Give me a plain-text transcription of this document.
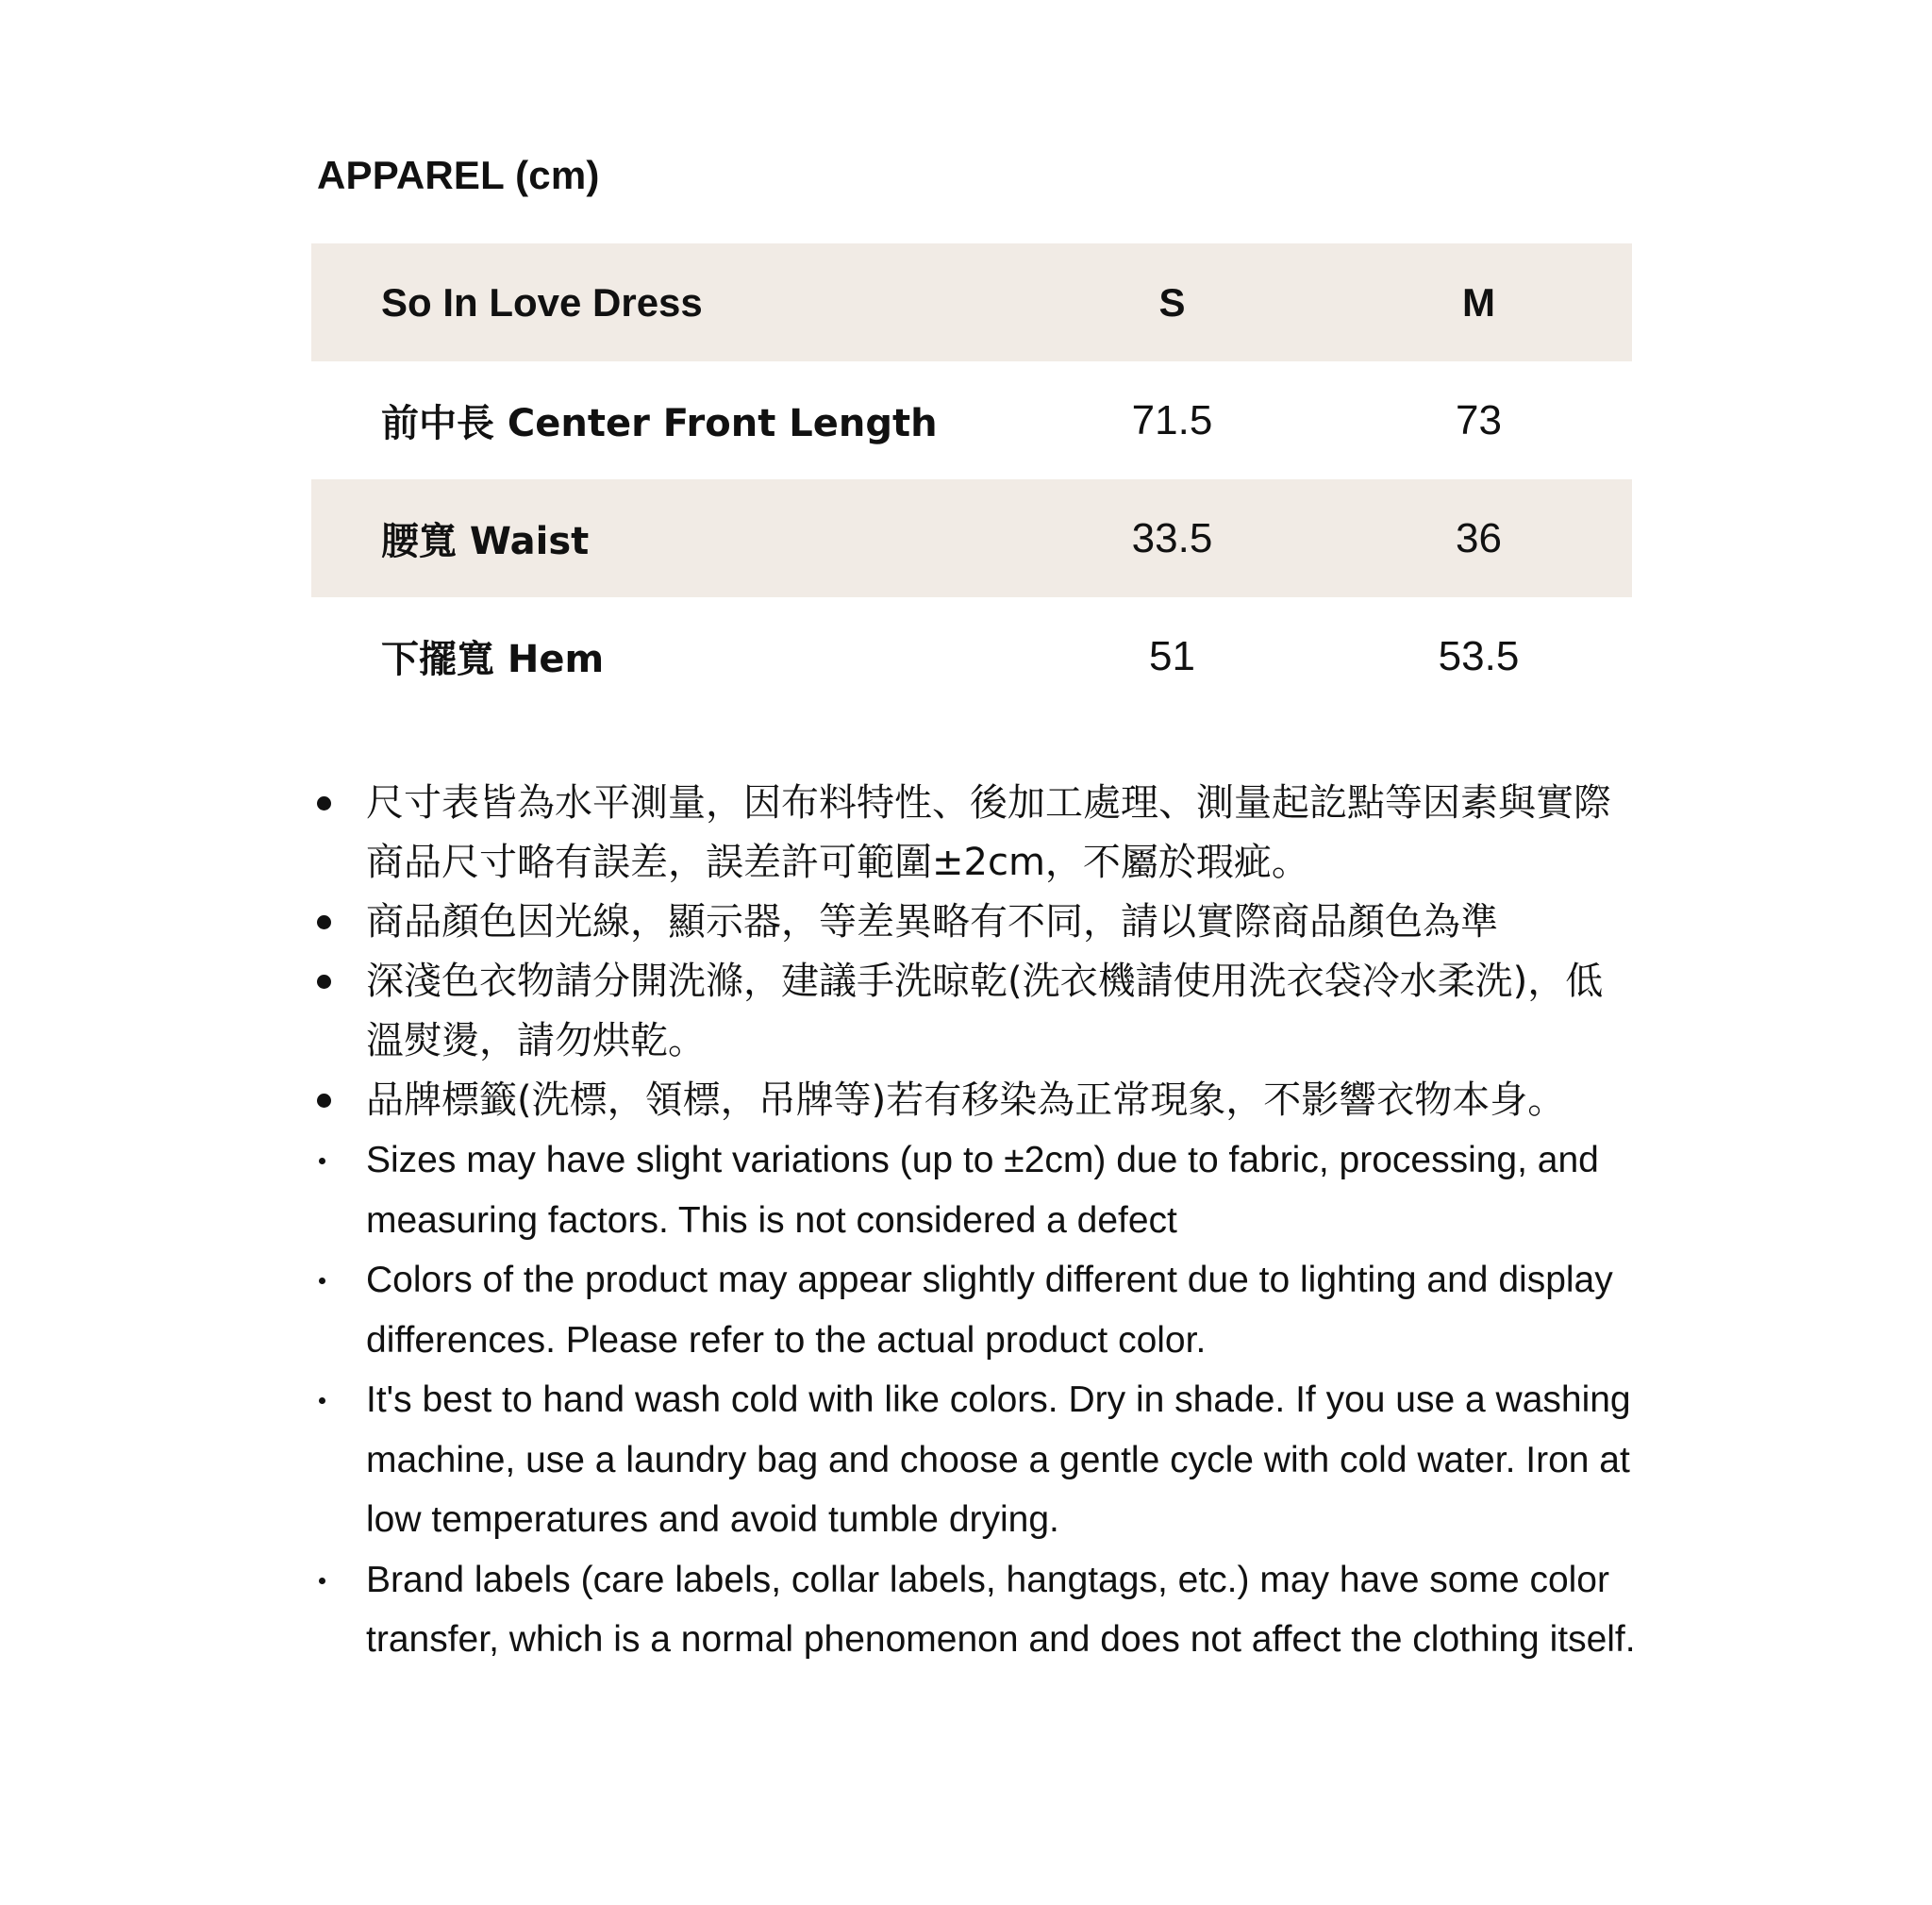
APPAREL (cm)
So In Love Dress	S	M
前中長 Center Front Length	71.5	73
腰寬 Waist	33.5	36
下擺寬 Hem	51	53.5
尺寸表皆為水平測量，因布料特性、後加工處理、測量起訖點等因素與實際商品尺寸略有誤差，誤差許可範圍±2cm，不屬於瑕疵。
商品顏色因光線，顯示器，等差異略有不同，請以實際商品顏色為準
深淺色衣物請分開洗滌，建議手洗晾乾(洗衣機請使用洗衣袋冷水柔洗)，低溫熨燙，請勿烘乾。
品牌標籤(洗標，領標，吊牌等)若有移染為正常現象，不影響衣物本身。
Sizes may have slight variations (up to ±2cm) due to fabric, processing, and measuring factors. This is not considered a defect
Colors of the product may appear slightly different due to lighting and display differences. Please refer to the actual product color.
It's best to hand wash cold with like colors. Dry in shade. If you use a washing machine, use a laundry bag and choose a gentle cycle with cold water. Iron at low temperatures and avoid tumble drying.
Brand labels (care labels, collar labels, hangtags, etc.) may have some color transfer, which is a normal phenomenon and does not affect the clothing itself.
